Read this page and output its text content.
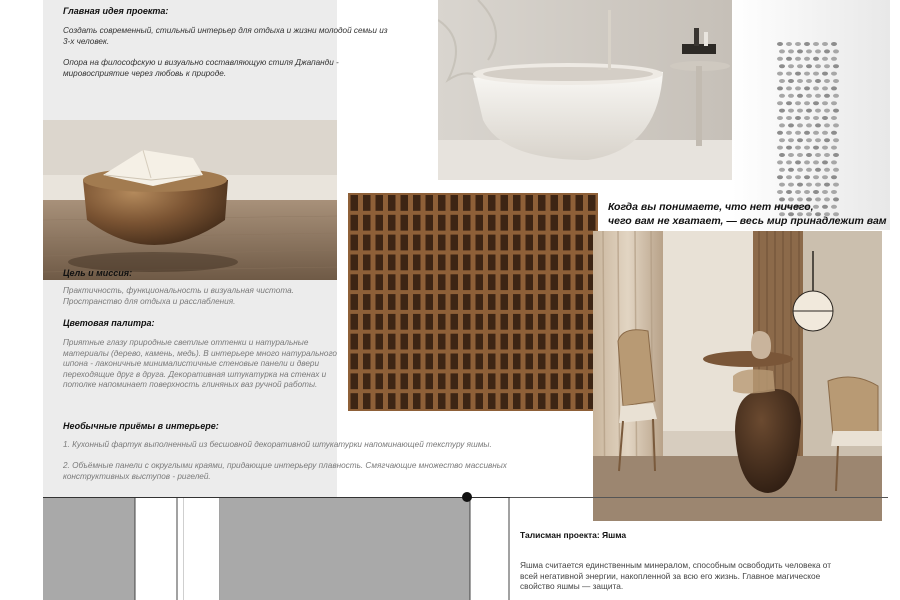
Главная идея проекта:
Создать современный, стильный интерьер для отдыха и жизни молодой семьи из 3-х человек.
Опора на философскую и визуально составляющую стиля Джапанди - мировосприятие через любовь к природе.
Цель и миссия:
Практичность, функциональность и визуальная чистота. Пространство для отдыха и расслабления.
Цветовая палитра:
Приятные глазу природные светлые оттенки и натуральные материалы (дерево, камень, медь). В интерьере много натурального шпона - лаконичные минималистичные стеновые панели и двери переходящие друг в друга. Декоративная штукатурка на стенах и потолке напоминает поверхность глиняных ваз ручной работы.
Необычные приёмы в интерьере:
1. Кухонный фартук выполненный из бесшовной декоративной штукатурки напоминающей текстуру яшмы.
2. Объёмные панели с округлыми краями, придающие интерьеру плавность. Смягчающие множество массивных конструктивных выступов - ригелей.
Когда вы понимаете, что нет ничего,
чего вам не хватает, — весь мир принадлежит вам
Талисман проекта: Яшма
Яшма считается единственным минералом, способным освободить человека от всей негативной энергии, накопленной за всю его жизнь. Главное магическое свойство яшмы — защита.
